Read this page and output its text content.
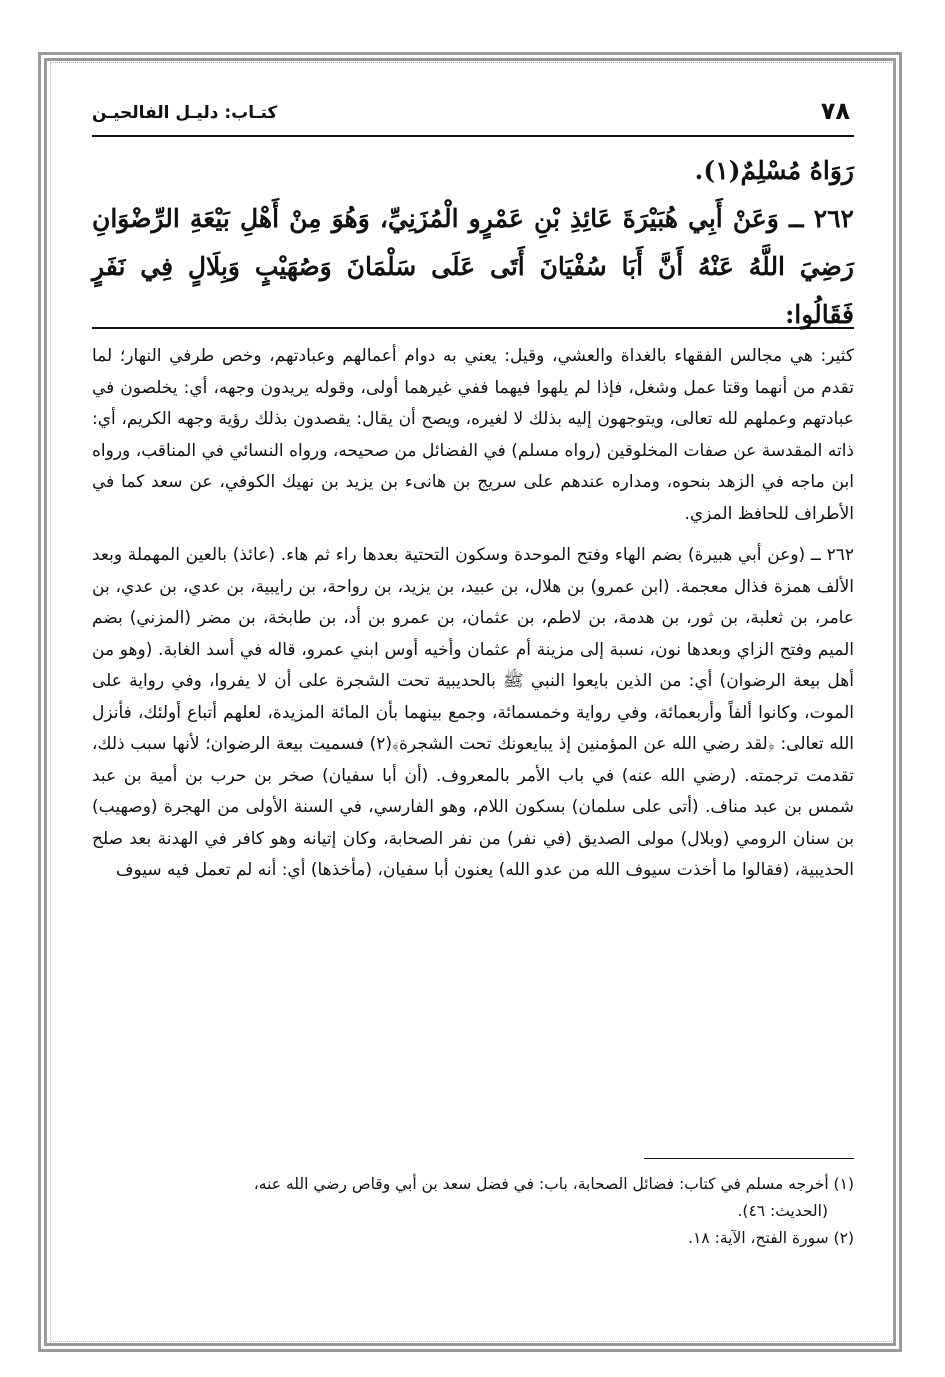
٧٨
كتـاب: دليـل الفالحيـن

رَوَاهُ مُسْلِمٌ(١).

٢٦٢ ــ وَعَنْ أَبِي هُبَيْرَةَ عَائِذِ بْنِ عَمْرٍو الْمُزَنِيِّ، وَهُوَ مِنْ أَهْلِ بَيْعَةِ الرِّضْوَانِ رَضِيَ اللَّهُ عَنْهُ أَنَّ أَبَا سُفْيَانَ أَتَى عَلَى سَلْمَانَ وَصُهَيْبٍ وَبِلَالٍ فِي نَفَرٍ فَقَالُوا:

كثير: هي مجالس الفقهاء بالغداة والعشي، وقيل: يعني به دوام أعمالهم وعبادتهم، وخص طرفي النهار؛ لما تقدم من أنهما وقتا عمل وشغل، فإذا لم يلهوا فيهما ففي غيرهما أولى، وقوله يريدون وجهه، أي: يخلصون في عبادتهم وعملهم لله تعالى، ويتوجهون إليه بذلك لا لغيره، ويصح أن يقال: يقصدون بذلك رؤية وجهه الكريم، أي: ذاته المقدسة عن صفات المخلوقين (رواه مسلم) في الفضائل من صحيحه، ورواه النسائي في المناقب، ورواه ابن ماجه في الزهد بنحوه، ومداره عندهم على سريج بن هانىء بن يزيد بن نهيك الكوفي، عن سعد كما في الأطراف للحافظ المزي.

٢٦٢ ــ (وعن أبي هبيرة) بضم الهاء وفتح الموحدة وسكون التحتية بعدها راء ثم هاء. (عائذ) بالعين المهملة وبعد الألف همزة فذال معجمة. (ابن عمرو) بن هلال، بن عبيد، بن يزيد، بن رواحة، بن رايبية، بن عدي، بن عدي، بن عامر، بن ثعلبة، بن ثور، بن هدمة، بن لاطم، بن عثمان، بن عمرو بن أد، بن طابخة، بن مضر (المزني) بضم الميم وفتح الزاي وبعدها نون، نسبة إلى مزينة أم عثمان وأخيه أوس ابني عمرو، قاله في أسد الغابة. (وهو من أهل بيعة الرضوان) أي: من الذين بايعوا النبي ﷺ بالحديبية تحت الشجرة على أن لا يفروا، وفي رواية على الموت، وكانوا ألفاً وأربعمائة، وفي رواية وخمسمائة، وجمع بينهما بأن المائة المزيدة، لعلهم أتباع أولئك، فأنزل الله تعالى: ﴿لقد رضي الله عن المؤمنين إذ يبايعونك تحت الشجرة﴾(٢) فسميت بيعة الرضوان؛ لأنها سبب ذلك، تقدمت ترجمته. (رضي الله عنه) في باب الأمر بالمعروف. (أن أبا سفيان) صخر بن حرب بن أمية بن عبد شمس بن عبد مناف. (أتى على سلمان) بسكون اللام، وهو الفارسي، في السنة الأولى من الهجرة (وصهيب) بن سنان الرومي (وبلال) مولى الصديق (في نفر) من نفر الصحابة، وكان إتيانه وهو كافر في الهدنة بعد صلح الحديبية، (فقالوا ما أخذت سيوف الله من عدو الله) يعنون أبا سفيان، (مأخذها) أي: أنه لم تعمل فيه سيوف

(١) أخرجه مسلم في كتاب: فضائل الصحابة، باب: في فضل سعد بن أبي وقاص رضي الله عنه،

(الحديث: ٤٦).

(٢) سورة الفتح، الآية: ١٨.
